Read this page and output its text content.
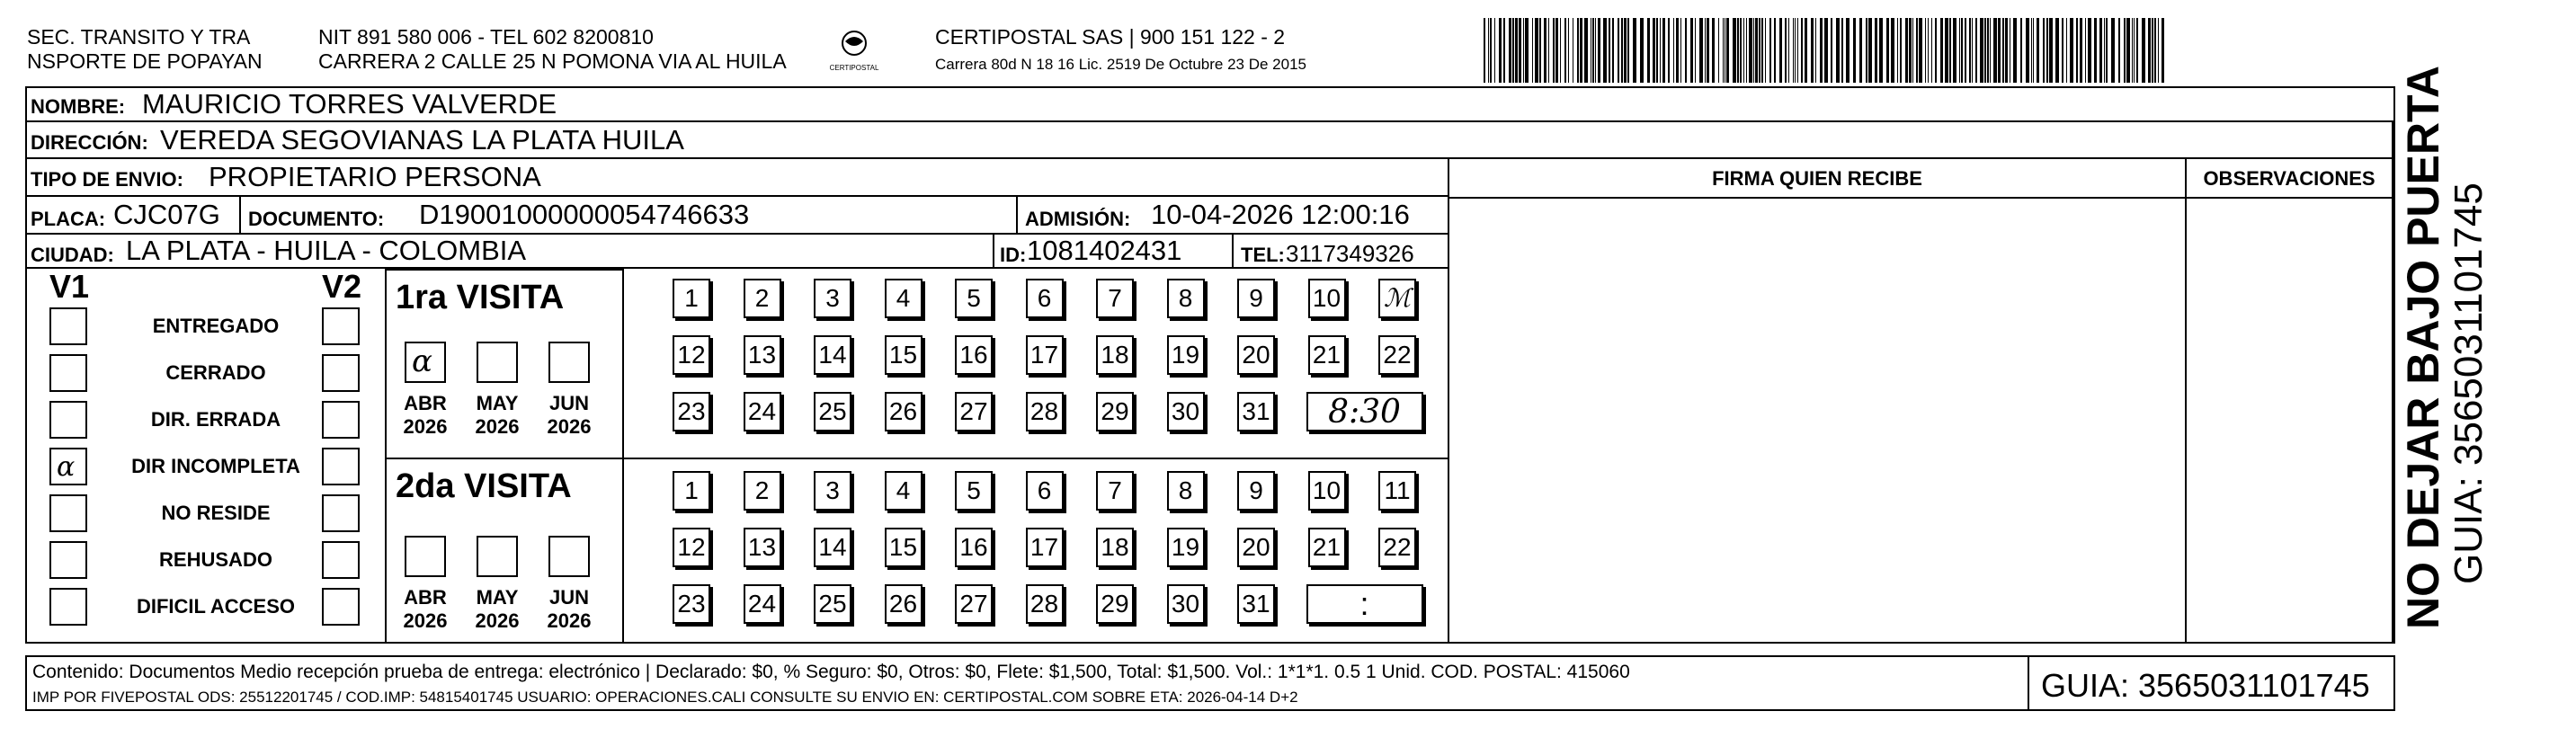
SEC. TRANSITO Y TRA
NSPORTE DE POPAYAN
NIT 891 580 006 - TEL 602 8200810
CARRERA 2 CALLE 25 N POMONA VIA AL HUILA	CERTIPOSTAL
CERTIPOSTAL SAS | 900 151 122 - 2
Carrera 80d N 18 16 Lic. 2519 De Octubre 23 De 2015
NOMBRE: MAURICIO TORRES VALVERDE
DIRECCIÓN: VEREDA SEGOVIANAS LA PLATA HUILA
TIPO DE ENVIO: PROPIETARIO PERSONA
PLACA: CJC07G DOCUMENTO: D19001000000054746633	ADMISIÓN: 10-04-2026 12:00:16
CIUDAD: LA PLATA - HUILA - COLOMBIA	ID: 1081402431	TEL: 3117349326
FIRMA QUIEN RECIBE	OBSERVACIONES NO DEJAR BAJO PUERTA
GUIA: 3565031101745
V1	V2
ENTREGADO
CERRADO
DIR. ERRADA
ɑ	DIR INCOMPLETA
NO RESIDE
REHUSADO
DIFICIL ACCESO
1ra VISITA
2da VISITA
ɑ
ABR
2026
MAY
2026
JUN
2026
ABR
2026
MAY
2026
JUN
2026
1	2	3	4	5	6	7	8	9	10 ℳ
12 13 14 15 16 17 18 19 20 21 22
23 24 25 26 27 28 29 30 31	8:30
1	2	3	4	5	6	7	8	9	10 11
12 13 14 15 16 17 18 19 20 21 22
23 24 25 26 27 28 29 30 31	:
Contenido: Documentos Medio recepción prueba de entrega: electrónico | Declarado: $0, % Seguro: $0, Otros: $0, Flete: $1,500, Total: $1,500. Vol.: 1*1*1. 0.5 1 Unid. COD. POSTAL: 415060
IMP POR FIVEPOSTAL ODS: 25512201745 / COD.IMP: 54815401745 USUARIO: OPERACIONES.CALI CONSULTE SU ENVIO EN: CERTIPOSTAL.COM SOBRE ETA: 2026-04-14 D+2	GUIA: 3565031101745
